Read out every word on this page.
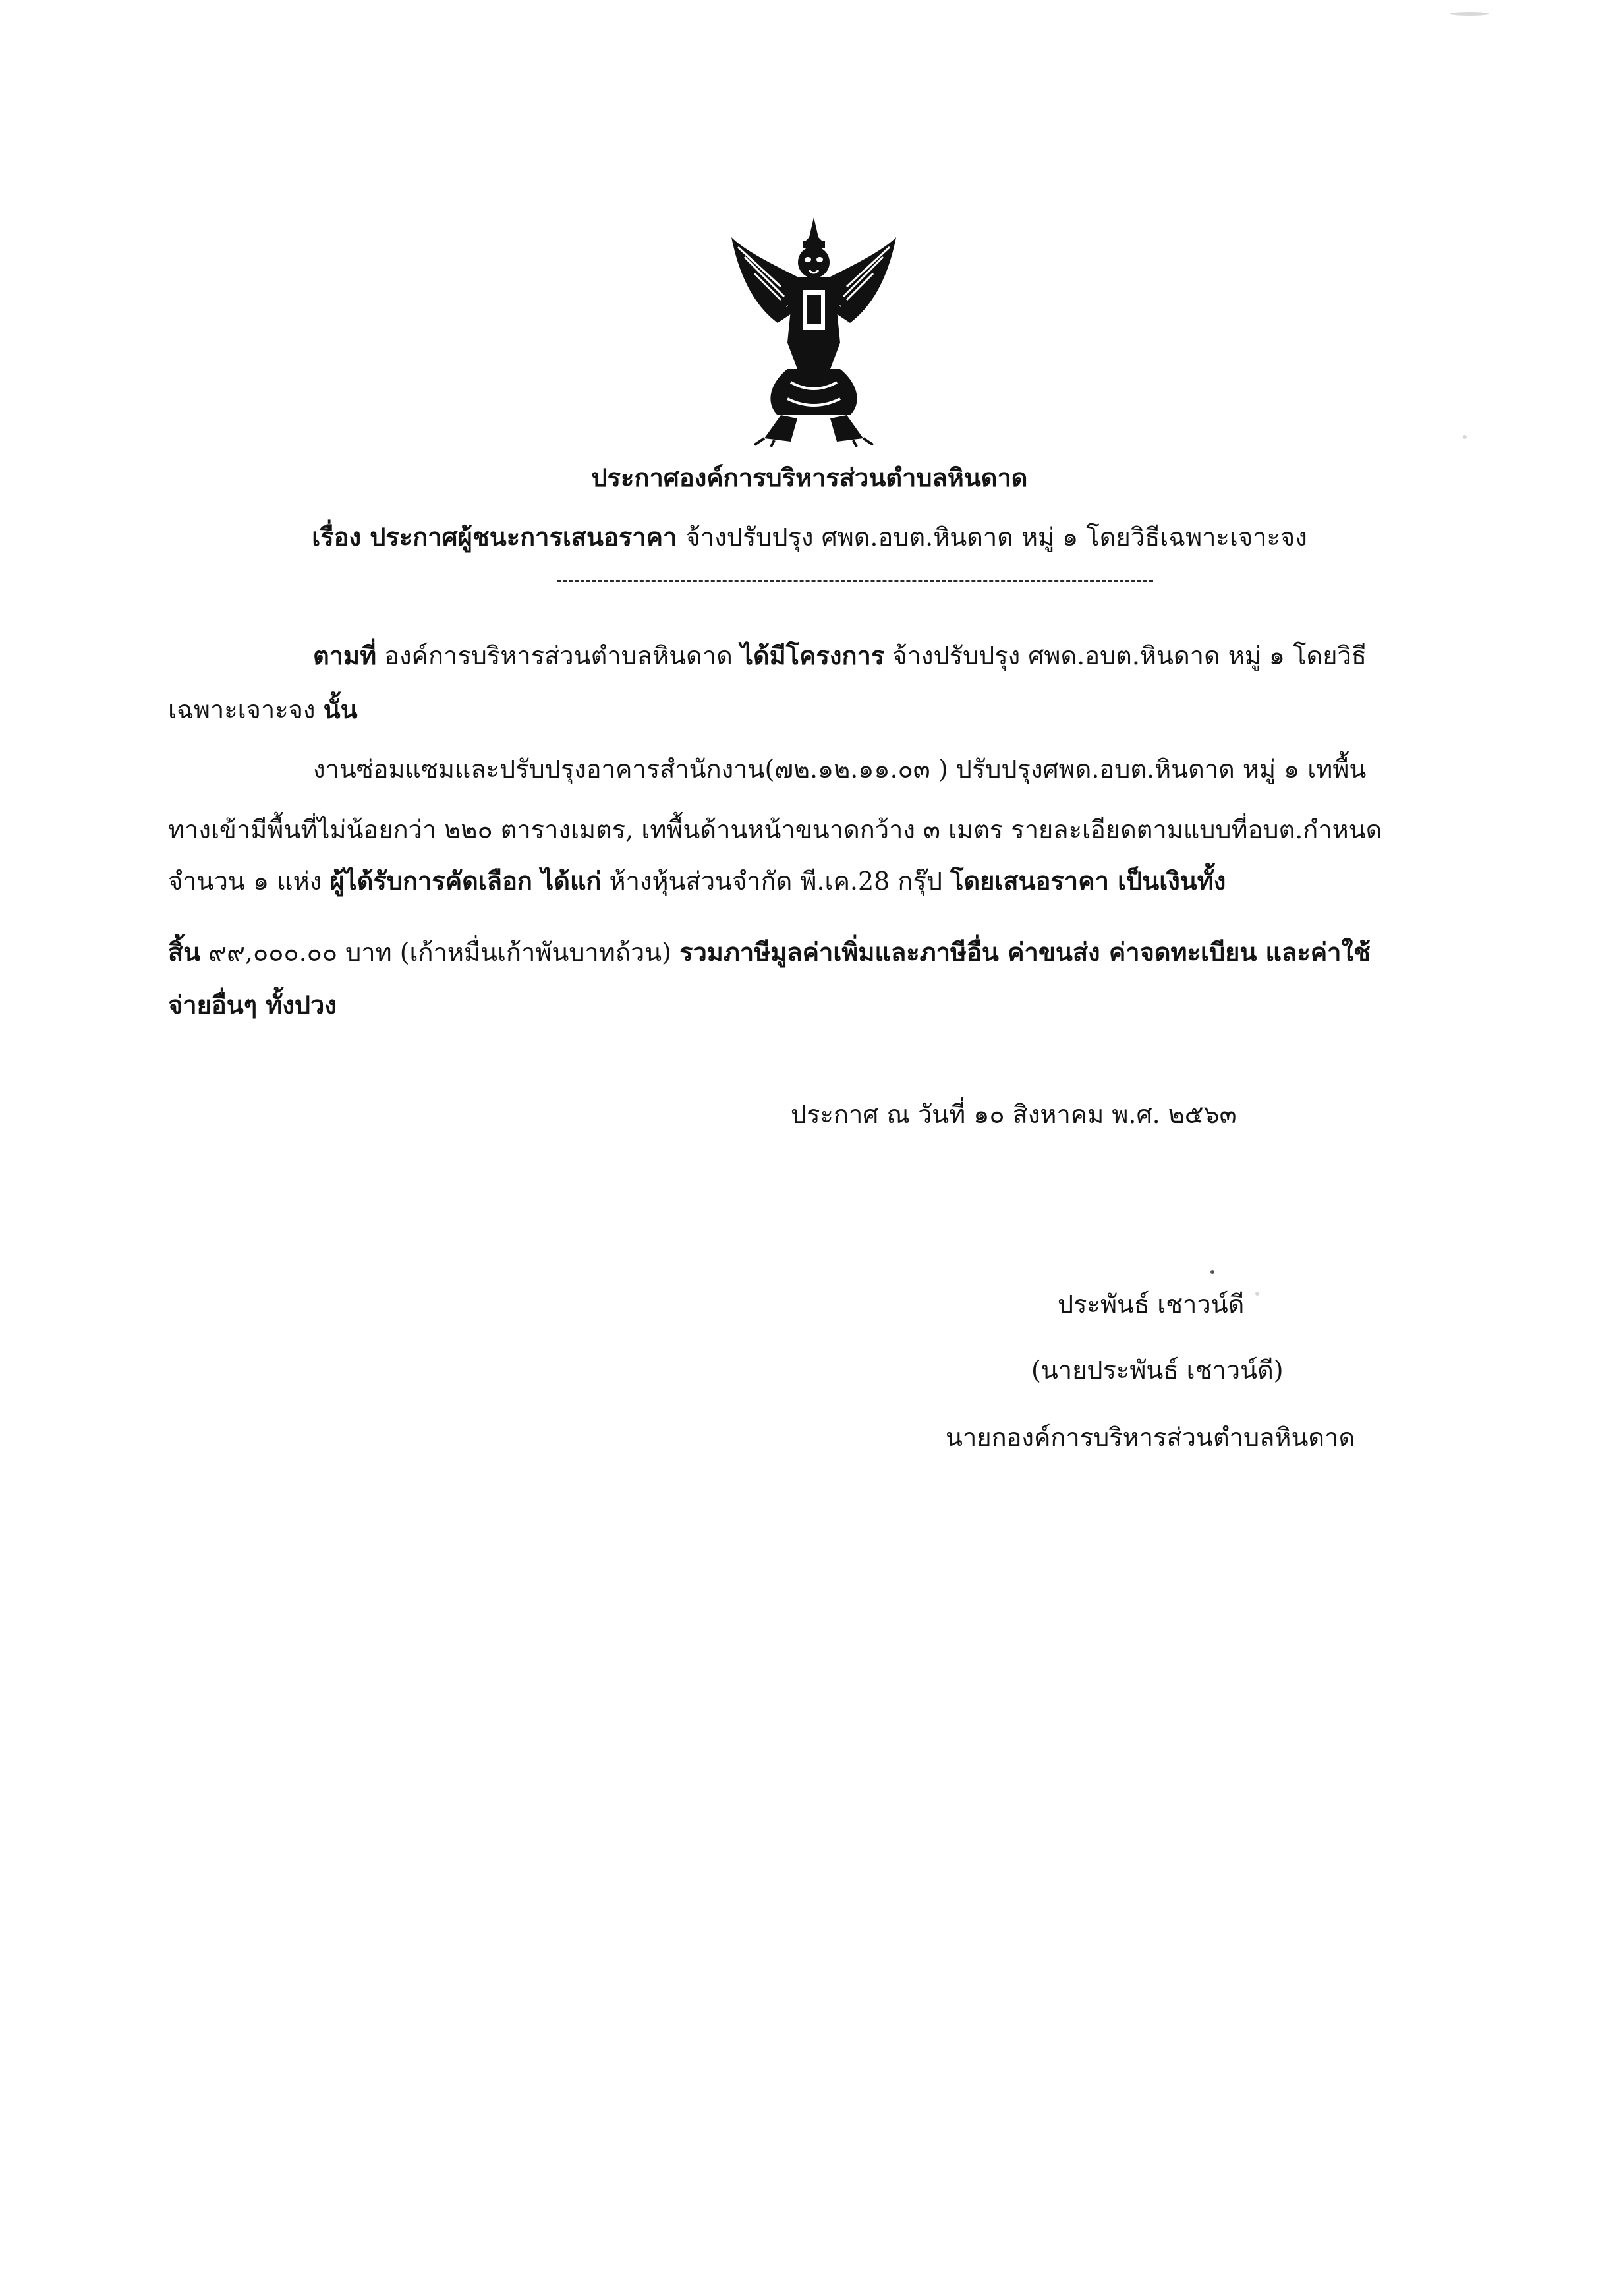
ประกาศองค์การบริหารส่วนตำบลหินดาด
เรื่อง ประกาศผู้ชนะการเสนอราคา จ้างปรับปรุง ศพด.อบต.หินดาด หมู่ ๑ โดยวิธีเฉพาะเจาะจง
ตามที่ องค์การบริหารส่วนตำบลหินดาด ได้มีโครงการ จ้างปรับปรุง ศพด.อบต.หินดาด หมู่ ๑ โดยวิธี
เฉพาะเจาะจง นั้น
งานซ่อมแซมและปรับปรุงอาคารสำนักงาน(๗๒.๑๒.๑๑.๐๓ ) ปรับปรุงศพด.อบต.หินดาด หมู่ ๑ เทพื้น
ทางเข้ามีพื้นที่ไม่น้อยกว่า ๒๒๐ ตารางเมตร, เทพื้นด้านหน้าขนาดกว้าง ๓ เมตร รายละเอียดตามแบบที่อบต.กำหนด
จำนวน ๑ แห่ง ผู้ได้รับการคัดเลือก ได้แก่ ห้างหุ้นส่วนจำกัด พี.เค.28 กรุ๊ป โดยเสนอราคา เป็นเงินทั้ง
สิ้น ๙๙,๐๐๐.๐๐ บาท (เก้าหมื่นเก้าพันบาทถ้วน) รวมภาษีมูลค่าเพิ่มและภาษีอื่น ค่าขนส่ง ค่าจดทะเบียน และค่าใช้
จ่ายอื่นๆ ทั้งปวง
ประกาศ ณ วันที่ ๑๐ สิงหาคม พ.ศ. ๒๕๖๓
ประพันธ์ เชาวน์ดี
(นายประพันธ์ เชาวน์ดี)
นายกองค์การบริหารส่วนตำบลหินดาด
